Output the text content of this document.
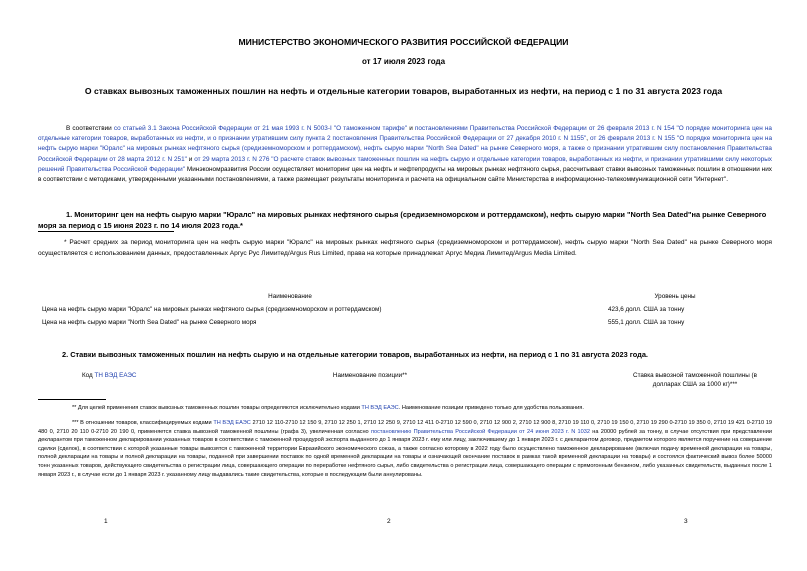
МИНИСТЕРСТВО ЭКОНОМИЧЕСКОГО РАЗВИТИЯ РОССИЙСКОЙ ФЕДЕРАЦИИ
от 17 июля 2023 года
О ставках вывозных таможенных пошлин на нефть и отдельные категории товаров, выработанных из нефти, на период с 1 по 31 августа 2023 года
В соответствии со статьей 3.1 Закона Российской Федерации от 21 мая 1993 г. N 5003-I "О таможенном тарифе" и постановлениями Правительства Российской Федерации от 26 февраля 2013 г. N 154 "О порядке мониторинга цен на отдельные категории товаров, выработанных из нефти, и о признании утратившим силу пункта 2 постановления Правительства Российской Федерации от 27 декабря 2010 г. N 1155", от 26 февраля 2013 г. N 155 "О порядке мониторинга цен на нефть сырую марки "Юралс" на мировых рынках нефтяного сырья (средиземноморском и роттердамском), нефть сырую марки "North Sea Dated" на рынке Северного моря, а также о признании утратившим силу постановления Правительства Российской Федерации от 28 марта 2012 г. N 251" и от 29 марта 2013 г. N 276 "О расчете ставок вывозных таможенных пошлин на нефть сырую и отдельные категории товаров, выработанных из нефти, и признании утратившими силу некоторых решений Правительства Российской Федерации" Минэкономразвития России осуществляет мониторинг цен на нефть и нефтепродукты на мировых рынках нефтяного сырья, рассчитывает ставки вывозных таможенных пошлин в отношении них в соответствии с методиками, утвержденными указанными постановлениями, а также размещает результаты мониторинга и расчета на официальном сайте Министерства в информационно-телекоммуникационной сети "Интернет".
1. Мониторинг цен на нефть сырую марки "Юралс" на мировых рынках нефтяного сырья (средиземноморском и роттердамском), нефть сырую марки "North Sea Dated"на рынке Северного моря за период с 15 июня 2023 г. по 14 июля 2023 года.*
* Расчет средних за период мониторинга цен на нефть сырую марки "Юралс" на мировых рынках нефтяного сырья (средиземноморском и роттердамском), нефть сырую марки "North Sea Dated" на рынке Северного моря осуществляется с использованием данных, предоставленных Аргус Рус Лимитед/Argus Rus Limited, права на которые принадлежат Аргус Медиа Лимитед/Argus Media Limited.
Наименование	Уровень цены
Цена на нефть сырую марки "Юралс" на мировых рынках нефтяного сырья (средиземноморском и роттердамском)	423,6 долл. США за тонну
Цена на нефть сырую марки "North Sea Dated" на рынке Северного моря	555,1 долл. США за тонну
2. Ставки вывозных таможенных пошлин на нефть сырую и на отдельные категории товаров, выработанных из нефти, на период с 1 по 31 августа 2023 года.
Код ТН ВЭД ЕАЭС	Наименование позиции**	Ставка вывозной таможенной пошлины (в долларах США за 1000 кг)***
** Для целей применения ставок вывозных таможенных пошлин товары определяются исключительно кодами ТН ВЭД ЕАЭС. Наименование позиции приведено только для удобства пользования.
*** В отношении товаров, классифицируемых кодами ТН ВЭД ЕАЭС 2710 12 110-2710 12 150 9, 2710 12 250 1, 2710 12 250 9, 2710 12 411 0-2710 12 590 0, 2710 12 900 2, 2710 12 900 8, 2710 19 110 0, 2710 19 150 0, 2710 19 290 0-2710 19 350 0, 2710 19 421 0-2710 19 480 0, 2710 20 110 0-2710 20 190 0, применяется ставка вывозной таможенной пошлины (графа 3), увеличенная согласно постановлению Правительства Российской Федерации от 24 июня 2023 г. N 1032 на 20000 рублей за тонну, в случае отсутствия при представлении декларантом при таможенном декларировании указанных товаров в соответствии с таможенной процедурой экспорта выданного до 1 января 2023 г. ему или лицу, заключившему до 1 января 2023 г. с декларантом договор, предметом которого является поручение на совершение сделки (сделок), в соответствии с которой указанные товары вывозятся с таможенной территории Евразийского экономического союза, а также согласно которому в 2022 году было осуществлено таможенное декларирование (включая подачу временной декларации на товары, полной декларации на товары и полной декларации на товары, поданной при завершении поставок по одной временной декларации на товары и означающей окончание поставок в рамках такой временной декларации на товары) и состоялся фактический вывоз более 50000 тонн указанных товаров, действующего свидетельства о регистрации лица, совершающего операции по переработке нефтяного сырья, либо свидетельства о регистрации лица, совершающего операции с прямогонным бензином, либо указанных свидетельств, выданных после 1 января 2023 г., в случае если до 1 января 2023 г. указанному лицу выдавались такие свидетельства, которые в последующем были аннулированы.
1	2	3
